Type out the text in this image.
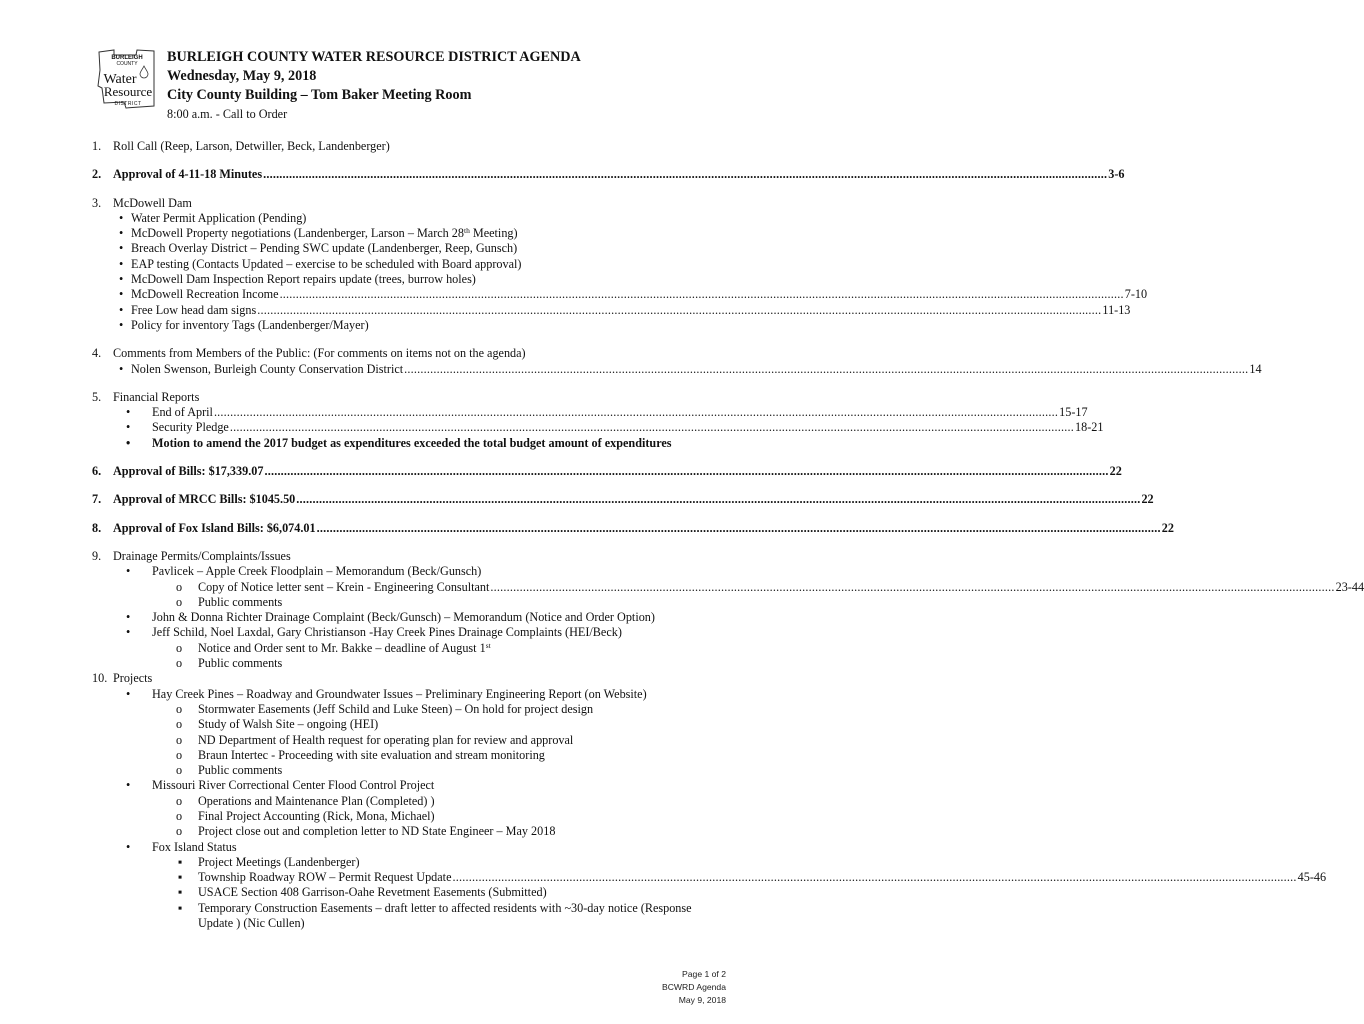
BURLEIGH
COUNTY
Water
Resource
DISTRICT
BURLEIGH COUNTY WATER RESOURCE DISTRICT AGENDA
Wednesday, May 9, 2018
City County Building – Tom Baker Meeting Room
8:00 a.m. - Call to Order
1. Roll Call (Reep, Larson, Detwiller, Beck, Landenberger)
2. Approval of 4-11-18 Minutes .................................................................................................................................................................................................................................................................... 3-6
3. McDowell Dam
• Water Permit Application (Pending)
• McDowell Property negotiations (Landenberger, Larson – March 28th Meeting)
• Breach Overlay District – Pending SWC update (Landenberger, Reep, Gunsch)
• EAP testing (Contacts Updated – exercise to be scheduled with Board approval)
• McDowell Dam Inspection Report repairs update (trees, burrow holes)
• McDowell Recreation Income .................................................................................................................................................................................................................................................................... 7-10
• Free Low head dam signs .................................................................................................................................................................................................................................................................... 11-13
• Policy for inventory Tags (Landenberger/Mayer)
4. Comments from Members of the Public: (For comments on items not on the agenda)
• Nolen Swenson, Burleigh County Conservation District .................................................................................................................................................................................................................................................................... 14
5. Financial Reports
• End of April .................................................................................................................................................................................................................................................................... 15-17
• Security Pledge .................................................................................................................................................................................................................................................................... 18-21
• Motion to amend the 2017 budget as expenditures exceeded the total budget amount of expenditures
6. Approval of Bills: $17,339.07 .................................................................................................................................................................................................................................................................... 22
7. Approval of MRCC Bills: $1045.50 .................................................................................................................................................................................................................................................................... 22
8. Approval of Fox Island Bills: $6,074.01 .................................................................................................................................................................................................................................................................... 22
9. Drainage Permits/Complaints/Issues
• Pavlicek – Apple Creek Floodplain – Memorandum (Beck/Gunsch)
o Copy of Notice letter sent – Krein - Engineering Consultant .................................................................................................................................................................................................................................................................... 23-44
o Public comments
• John & Donna Richter Drainage Complaint (Beck/Gunsch) – Memorandum (Notice and Order Option)
• Jeff Schild, Noel Laxdal, Gary Christianson -Hay Creek Pines Drainage Complaints (HEI/Beck)
o Notice and Order sent to Mr. Bakke – deadline of August 1st
o Public comments
10. Projects
• Hay Creek Pines – Roadway and Groundwater Issues – Preliminary Engineering Report (on Website)
o Stormwater Easements (Jeff Schild and Luke Steen) – On hold for project design
o Study of Walsh Site – ongoing (HEI)
o ND Department of Health request for operating plan for review and approval
o Braun Intertec - Proceeding with site evaluation and stream monitoring
o Public comments
• Missouri River Correctional Center Flood Control Project
o Operations and Maintenance Plan (Completed) )
o Final Project Accounting (Rick, Mona, Michael)
o Project close out and completion letter to ND State Engineer – May 2018
• Fox Island Status
▪ Project Meetings (Landenberger)
▪ Township Roadway ROW – Permit Request Update .................................................................................................................................................................................................................................................................... 45-46
▪ USACE Section 408 Garrison-Oahe Revetment Easements (Submitted)
▪ Temporary Construction Easements – draft letter to affected residents with ~30-day notice (Response
Update ) (Nic Cullen)
Page 1 of 2
BCWRD Agenda
May 9, 2018
